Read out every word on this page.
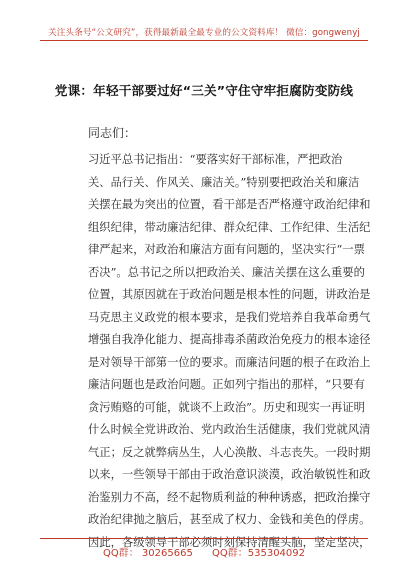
关注头条号“公文研究”，获得最新最全最专业的公文资料库！ 微信：gongwenyj
党课：年轻干部要过好“三关”守住守牢拒腐防变防线
同志们：
习近平总书记指出：“要落实好干部标准，严把政治
关、品行关、作风关、廉洁关。”特别要把政治关和廉洁
关摆在最为突出的位置，看干部是否严格遵守政治纪律和
组织纪律，带动廉洁纪律、群众纪律、工作纪律、生活纪
律严起来，对政治和廉洁方面有问题的，坚决实行“一票
否决”。总书记之所以把政治关、廉洁关摆在这么重要的
位置，其原因就在于政治问题是根本性的问题，讲政治是
马克思主义政党的根本要求，是我们党培养自我革命勇气
增强自我净化能力、提高排毒杀菌政治免疫力的根本途径
是对领导干部第一位的要求。而廉洁问题的根子在政治上
廉洁问题也是政治问题。正如列宁指出的那样，“只要有
贪污贿赂的可能，就谈不上政治”。历史和现实一再证明
什么时候全党讲政治、党内政治生活健康，我们党就风清
气正；反之就弊病丛生，人心涣散、斗志丧失。一段时期
以来，一些领导干部由于政治意识淡漠，政治敏锐性和政
治鉴别力不高，经不起物质利益的种种诱惑，把政治操守
政治纪律抛之脑后，甚至成了权力、金钱和美色的俘虏。
因此，各级领导干部必须时刻保持清醒头脑，坚定坚决，
QQ群： 30265665 QQ群：535304092
